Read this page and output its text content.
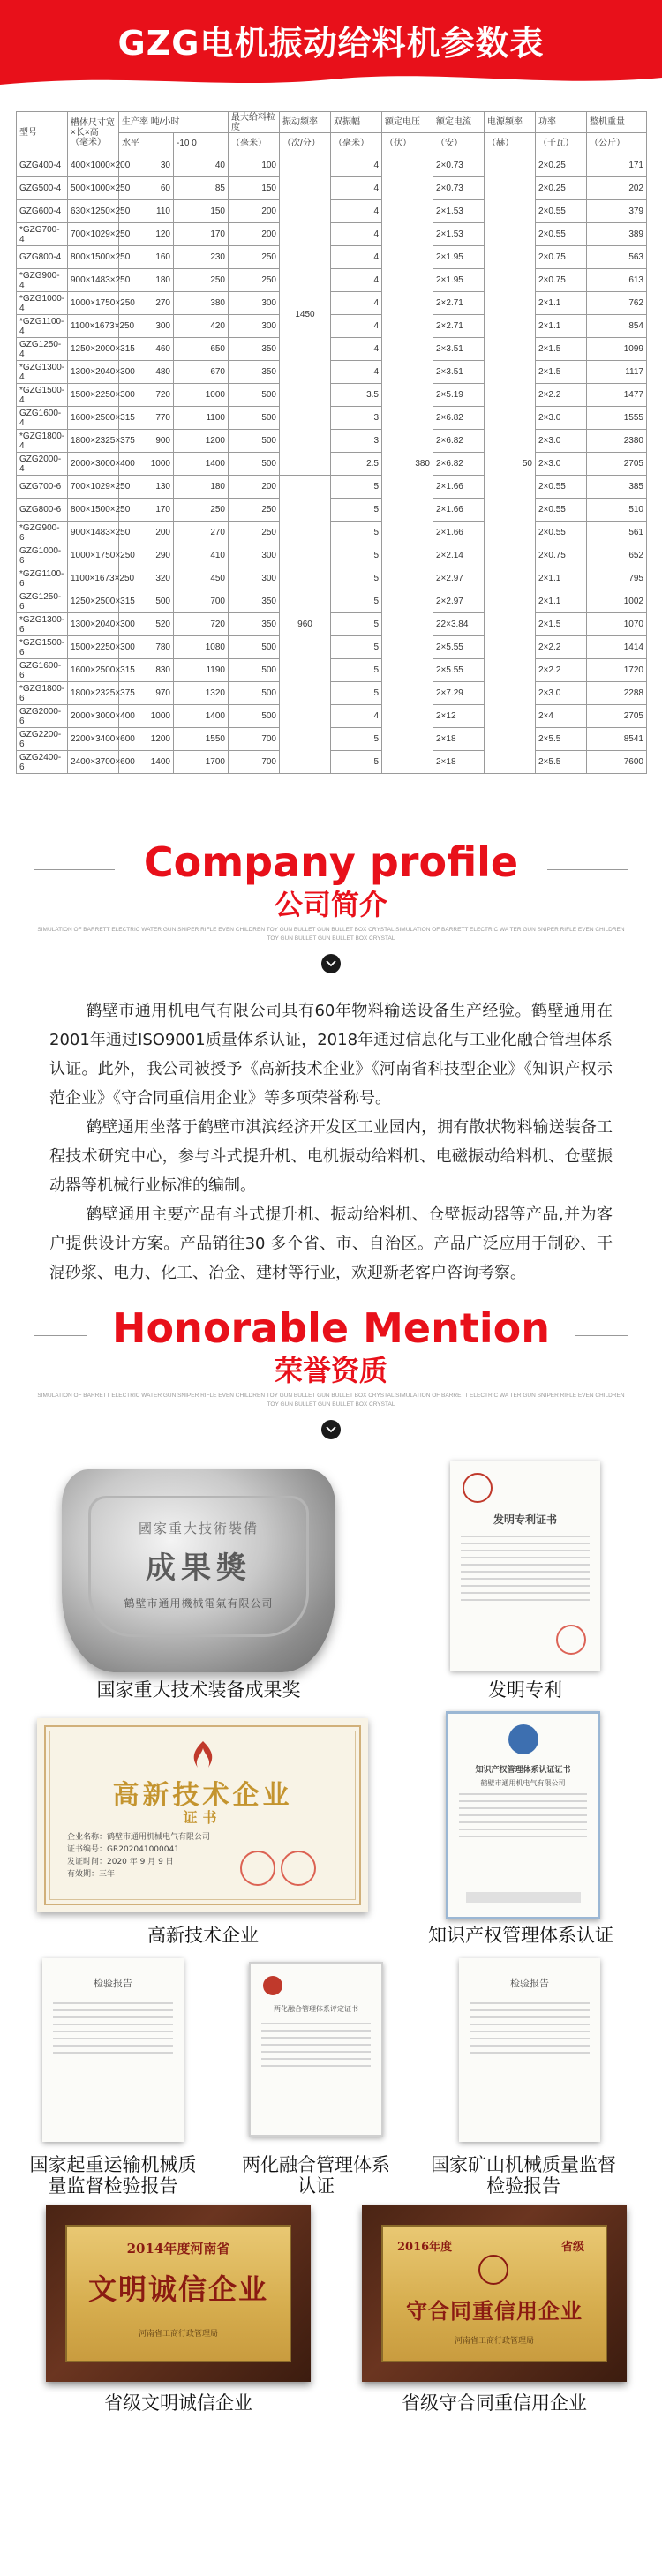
GZG电机振动给料机参数表
型号	槽体尺寸宽×长×高（毫米）	生产率 吨/小时		最大给料粒度	振动频率	双振幅	额定电压	额定电流	电源频率	功率	整机重量
		水平	-10 0	（毫米）	（次/分）	（毫米）	（伏）	（安）	（赫）	（千瓦）	（公斤）
GZG400-4	400×1000×200	30	40	100	1450	4	380	2×0.73	50	2×0.25	171
GZG500-4	500×1000×250	60	85	150		4		2×0.73		2×0.25	202
GZG600-4	630×1250×250	110	150	200		4		2×1.53		2×0.55	379
*GZG700-4	700×1029×250	120	170	200		4		2×1.53		2×0.55	389
GZG800-4	800×1500×250	160	230	250		4		2×1.95		2×0.75	563
*GZG900-4	900×1483×250	180	250	250		4		2×1.95		2×0.75	613
*GZG1000-4	1000×1750×250	270	380	300		4		2×2.71		2×1.1	762
*GZG1100-4	1100×1673×250	300	420	300		4		2×2.71		2×1.1	854
GZG1250-4	1250×2000×315	460	650	350		4		2×3.51		2×1.5	1099
*GZG1300-4	1300×2040×300	480	670	350		4		2×3.51		2×1.5	1117
*GZG1500-4	1500×2250×300	720	1000	500		3.5		2×5.19		2×2.2	1477
GZG1600-4	1600×2500×315	770	1100	500		3		2×6.82		2×3.0	1555
*GZG1800-4	1800×2325×375	900	1200	500		3		2×6.82		2×3.0	2380
GZG2000-4	2000×3000×400	1000	1400	500		2.5		2×6.82		2×3.0	2705
GZG700-6	700×1029×250	130	180	200	960	5		2×1.66		2×0.55	385
GZG800-6	800×1500×250	170	250	250		5		2×1.66		2×0.55	510
*GZG900-6	900×1483×250	200	270	250		5		2×1.66		2×0.55	561
GZG1000-6	1000×1750×250	290	410	300		5		2×2.14		2×0.75	652
*GZG1100-6	1100×1673×250	320	450	300		5		2×2.97		2×1.1	795
GZG1250-6	1250×2500×315	500	700	350		5		2×2.97		2×1.1	1002
*GZG1300-6	1300×2040×300	520	720	350		5		22×3.84		2×1.5	1070
*GZG1500-6	1500×2250×300	780	1080	500		5		2×5.55		2×2.2	1414
GZG1600-6	1600×2500×315	830	1190	500		5		2×5.55		2×2.2	1720
*GZG1800-6	1800×2325×375	970	1320	500		5		2×7.29		2×3.0	2288
GZG2000-6	2000×3000×400	1000	1400	500		4		2×12		2×4	2705
GZG2200-6	2200×3400×600	1200	1550	700		5		2×18		2×5.5	8541
GZG2400-6	2400×3700×600	1400	1700	700		5		2×18		2×5.5	7600
Company profile
公司简介
SIMULATION OF BARRETT ELECTRIC WATER GUN SNIPER RIFLE EVEN CHILDREN TOY GUN BULLET GUN BULLET BOX CRYSTAL SIMULATION OF BARRETT ELECTRIC WA TER GUN SNIPER RIFLE EVEN CHILDREN TOY GUN BULLET GUN BULLET BOX CRYSTAL

鹤壁市通用机电气有限公司具有60年物料输送设备生产经验。鹤壁通用在2001年通过ISO9001质量体系认证，2018年通过信息化与工业化融合管理体系认证。此外，我公司被授予《高新技术企业》《河南省科技型企业》《知识产权示范企业》《守合同重信用企业》等多项荣誉称号。

鹤壁通用坐落于鹤壁市淇滨经济开发区工业园内，拥有散状物料输送装备工程技术研究中心，参与斗式提升机、电机振动给料机、电磁振动给料机、仓壁振动器等机械行业标准的编制。

鹤壁通用主要产品有斗式提升机、振动给料机、仓壁振动器等产品,并为客户提供设计方案。产品销往30 多个省、市、自治区。产品广泛应用于制砂、干混砂浆、电力、化工、冶金、建材等行业，欢迎新老客户咨询考察。

Honorable Mention
荣誉资质
SIMULATION OF BARRETT ELECTRIC WATER GUN SNIPER RIFLE EVEN CHILDREN TOY GUN BULLET GUN BULLET BOX CRYSTAL SIMULATION OF BARRETT ELECTRIC WA TER GUN SNIPER RIFLE EVEN CHILDREN TOY GUN BULLET GUN BULLET BOX CRYSTAL
國家重大技術裝備
成果獎
鶴壁市通用機械電氣有限公司
国家重大技术装备成果奖
发明专利证书
发明专利
高新技术企业
证书
企业名称：鹤壁市通用机械电气有限公司
证书编号：GR202041000041
发证时间：2020 年 9 月 9 日
有效期：三年
高新技术企业
知识产权管理体系认证证书
鹤壁市通用机电气有限公司
知识产权管理体系认证
检验报告
国家起重运输机械质量监督检验报告
两化融合管理体系评定证书
两化融合管理体系认证
检验报告
国家矿山机械质量监督检验报告
2014年度河南省
文明诚信企业
河南省工商行政管理局
省级文明诚信企业
2016年度	省级
守合同重信用企业
河南省工商行政管理局
省级守合同重信用企业
